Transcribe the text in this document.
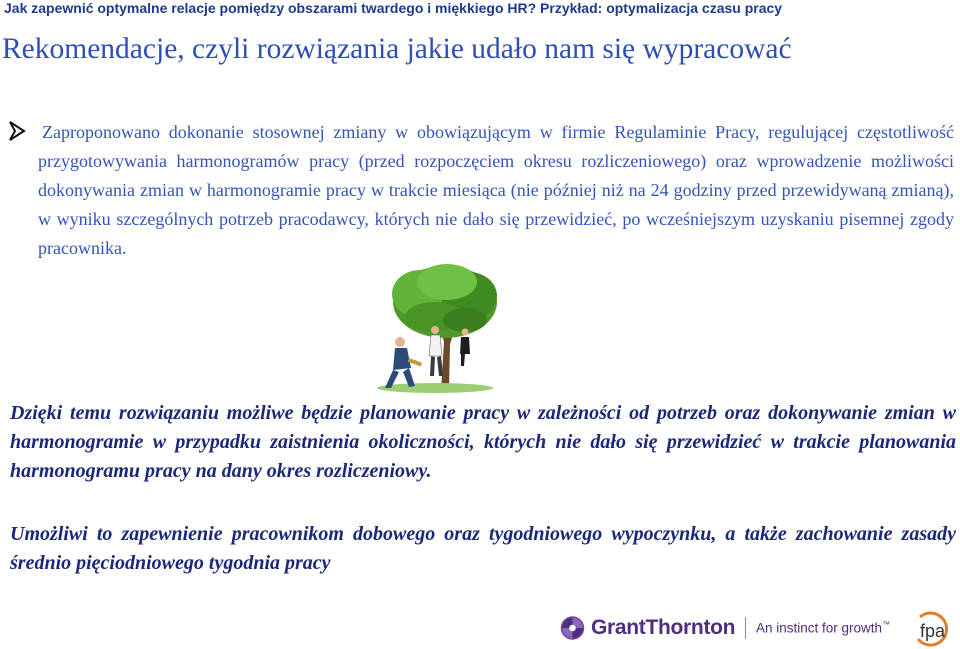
Jak zapewnić optymalne relacje pomiędzy obszarami twardego i miękkiego HR? Przykład: optymalizacja czasu pracy
Rekomendacje, czyli rozwiązania jakie udało nam się wypracować
Zaproponowano dokonanie stosownej zmiany w obowiązującym w firmie Regulaminie Pracy, regulującej częstotliwość przygotowywania harmonogramów pracy (przed rozpoczęciem okresu rozliczeniowego) oraz wprowadzenie możliwości dokonywania zmian w harmonogramie pracy w trakcie miesiąca (nie później niż na 24 godziny przed przewidywaną zmianą), w wyniku szczególnych potrzeb pracodawcy, których nie dało się przewidzieć, po wcześniejszym uzyskaniu pisemnej zgody pracownika.
Dzięki temu rozwiązaniu możliwe będzie planowanie pracy w zależności od potrzeb oraz dokonywanie zmian w harmonogramie w przypadku zaistnienia okoliczności, których nie dało się przewidzieć w trakcie planowania harmonogramu pracy na dany okres rozliczeniowy.
Umożliwi to zapewnienie pracownikom dobowego oraz tygodniowego wypoczynku, a także zachowanie zasady średnio pięciodniowego tygodnia pracy
GrantThornton An instinct for growth™ fpa
